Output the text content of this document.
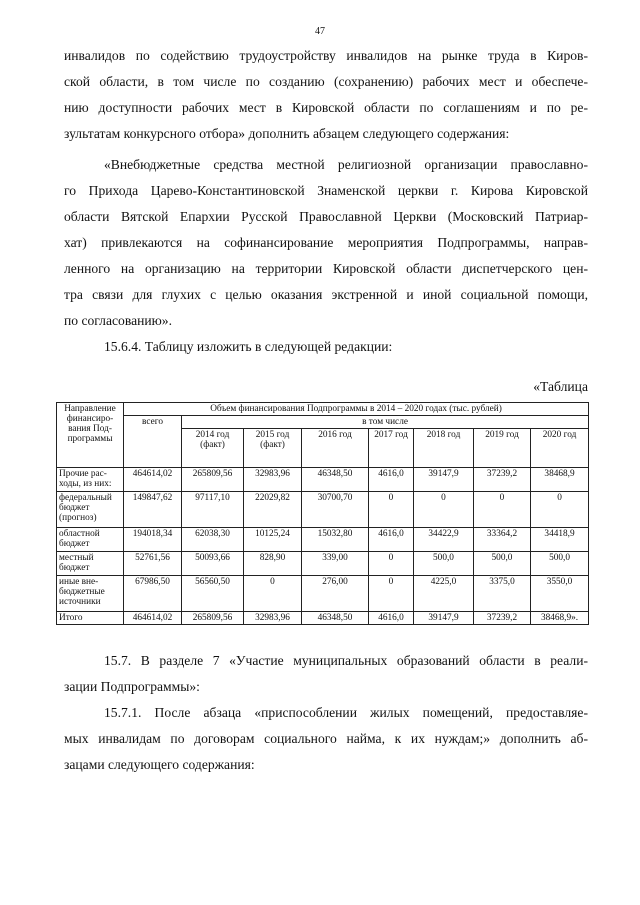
47
инвалидов по содействию трудоустройству инвалидов на рынке труда в Киров-
ской области, в том числе по созданию (сохранению) рабочих мест и обеспече-
нию доступности рабочих мест в Кировской области по соглашениям и по ре-
зультатам конкурсного отбора» дополнить абзацем следующего содержания:
«Внебюджетные средства местной религиозной организации православно-
го Прихода Царево-Константиновской Знаменской церкви г. Кирова Кировской
области Вятской Епархии Русской Православной Церкви (Московский Патриар-
хат) привлекаются на софинансирование мероприятия Подпрограммы, направ-
ленного на организацию на территории Кировской области диспетчерского цен-
тра связи для глухих с целью оказания экстренной и иной социальной помощи,
по согласованию».
15.6.4. Таблицу изложить в следующей редакции:
«Таблица
Направление финансиро-вания Под-программы	Объем финансирования Подпрограммы в 2014 – 2020 годах (тыс. рублей)							
	всего	в том числе						
		2014 год (факт)	2015 год (факт)	2016 год	2017 год	2018 год	2019 год	2020 год
Прочие рас-ходы, из них:	464614,02	265809,56	32983,96	46348,50	4616,0	39147,9	37239,2	38468,9
федеральный бюджет (прогноз)	149847,62	97117,10	22029,82	30700,70	0	0	0	0
областной бюджет	194018,34	62038,30	10125,24	15032,80	4616,0	34422,9	33364,2	34418,9
местный бюджет	52761,56	50093,66	828,90	339,00	0	500,0	500,0	500,0
иные вне-бюджетные источники	67986,50	56560,50	0	276,00	0	4225,0	3375,0	3550,0
Итого	464614,02	265809,56	32983,96	46348,50	4616,0	39147,9	37239,2	38468,9».
15.7. В разделе 7 «Участие муниципальных образований области в реали-
зации Подпрограммы»:
15.7.1. После абзаца «приспособлении жилых помещений, предоставляе-
мых инвалидам по договорам социального найма, к их нуждам;» дополнить аб-
зацами следующего содержания:
